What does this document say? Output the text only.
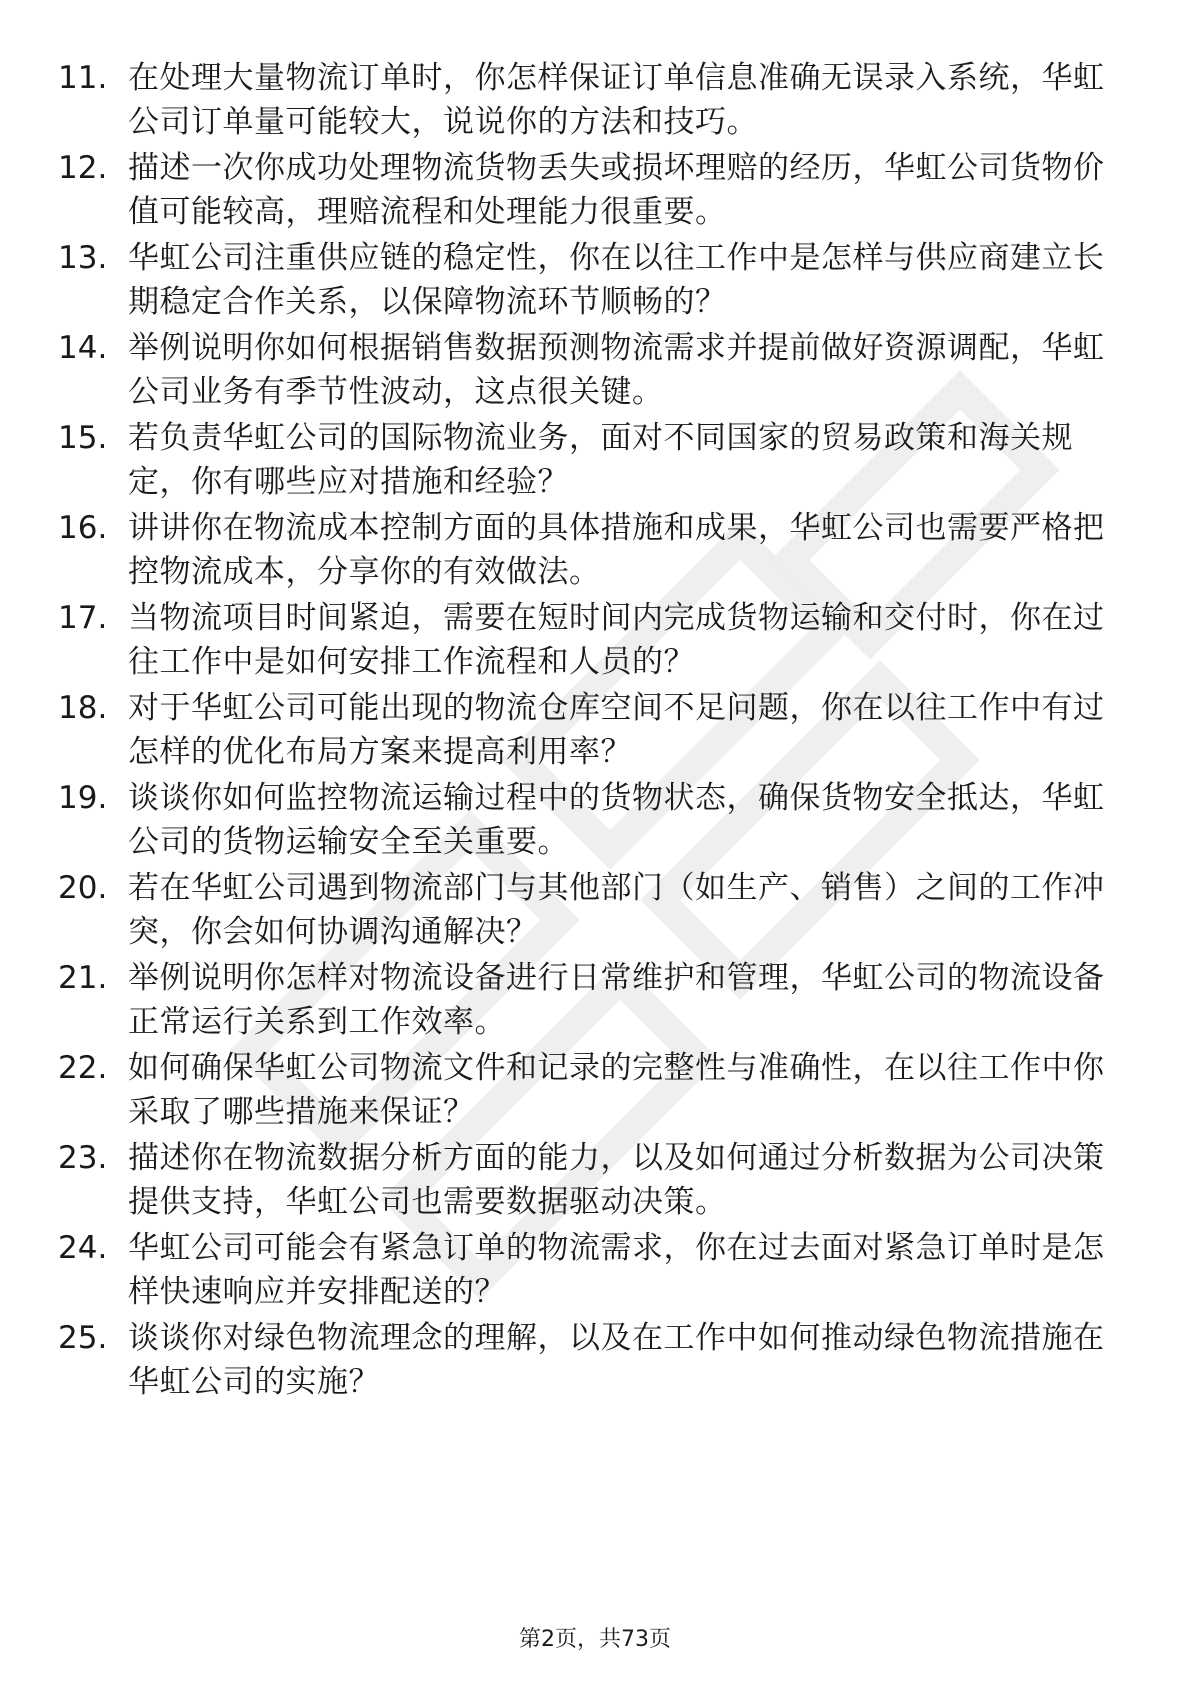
11. 在处理大量物流订单时，你怎样保证订单信息准确无误录入系统，华虹公司订单量可能较大，说说你的方法和技巧。
12. 描述一次你成功处理物流货物丢失或损坏理赔的经历，华虹公司货物价值可能较高，理赔流程和处理能力很重要。
13. 华虹公司注重供应链的稳定性，你在以往工作中是怎样与供应商建立长期稳定合作关系，以保障物流环节顺畅的？
14. 举例说明你如何根据销售数据预测物流需求并提前做好资源调配，华虹公司业务有季节性波动，这点很关键。
15. 若负责华虹公司的国际物流业务，面对不同国家的贸易政策和海关规定，你有哪些应对措施和经验？
16. 讲讲你在物流成本控制方面的具体措施和成果，华虹公司也需要严格把控物流成本，分享你的有效做法。
17. 当物流项目时间紧迫，需要在短时间内完成货物运输和交付时，你在过往工作中是如何安排工作流程和人员的？
18. 对于华虹公司可能出现的物流仓库空间不足问题，你在以往工作中有过怎样的优化布局方案来提高利用率？
19. 谈谈你如何监控物流运输过程中的货物状态，确保货物安全抵达，华虹公司的货物运输安全至关重要。
20. 若在华虹公司遇到物流部门与其他部门（如生产、销售）之间的工作冲突，你会如何协调沟通解决？
21. 举例说明你怎样对物流设备进行日常维护和管理，华虹公司的物流设备正常运行关系到工作效率。
22. 如何确保华虹公司物流文件和记录的完整性与准确性，在以往工作中你采取了哪些措施来保证？
23. 描述你在物流数据分析方面的能力，以及如何通过分析数据为公司决策提供支持，华虹公司也需要数据驱动决策。
24. 华虹公司可能会有紧急订单的物流需求，你在过去面对紧急订单时是怎样快速响应并安排配送的？
25. 谈谈你对绿色物流理念的理解，以及在工作中如何推动绿色物流措施在华虹公司的实施？
第2页，共73页
